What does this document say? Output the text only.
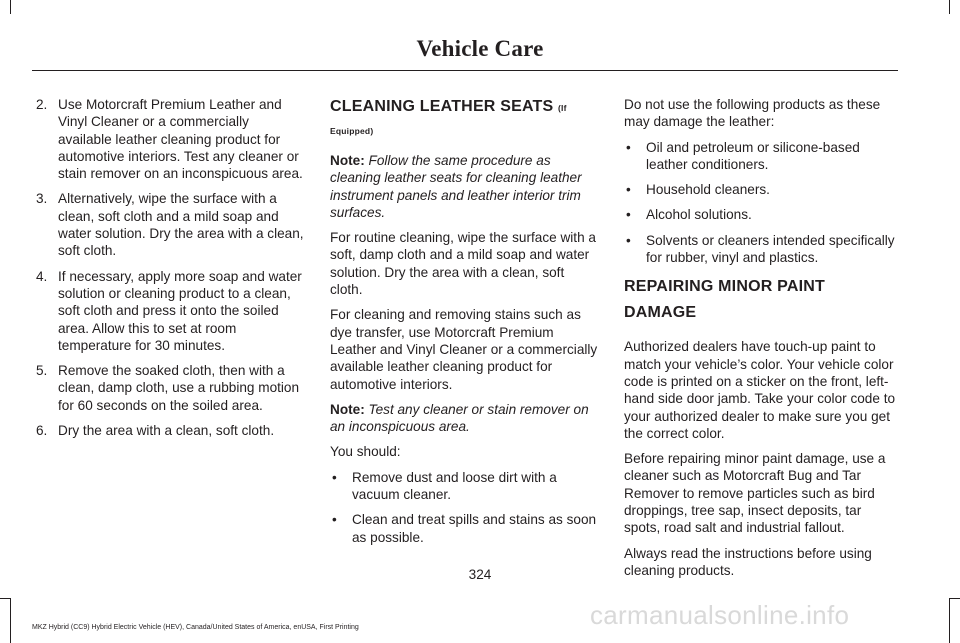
Vehicle Care
2. Use Motorcraft Premium Leather and Vinyl Cleaner or a commercially available leather cleaning product for automotive interiors. Test any cleaner or stain remover on an inconspicuous area.
3. Alternatively, wipe the surface with a clean, soft cloth and a mild soap and water solution. Dry the area with a clean, soft cloth.
4. If necessary, apply more soap and water solution or cleaning product to a clean, soft cloth and press it onto the soiled area. Allow this to set at room temperature for 30 minutes.
5. Remove the soaked cloth, then with a clean, damp cloth, use a rubbing motion for 60 seconds on the soiled area.
6. Dry the area with a clean, soft cloth.
CLEANING LEATHER SEATS (If Equipped)

Note: Follow the same procedure as cleaning leather seats for cleaning leather instrument panels and leather interior trim surfaces.

For routine cleaning, wipe the surface with a soft, damp cloth and a mild soap and water solution. Dry the area with a clean, soft cloth.

For cleaning and removing stains such as dye transfer, use Motorcraft Premium Leather and Vinyl Cleaner or a commercially available leather cleaning product for automotive interiors.

Note: Test any cleaner or stain remover on an inconspicuous area.

You should:

• Remove dust and loose dirt with a vacuum cleaner.
• Clean and treat spills and stains as soon as possible.

Do not use the following products as these may damage the leather:

• Oil and petroleum or silicone-based leather conditioners.
• Household cleaners.
• Alcohol solutions.
• Solvents or cleaners intended specifically for rubber, vinyl and plastics.
REPAIRING MINOR PAINT
DAMAGE

Authorized dealers have touch-up paint to match your vehicle’s color. Your vehicle color code is printed on a sticker on the front, left-hand side door jamb. Take your color code to your authorized dealer to make sure you get the correct color.

Before repairing minor paint damage, use a cleaner such as Motorcraft Bug and Tar Remover to remove particles such as bird droppings, tree sap, insect deposits, tar spots, road salt and industrial fallout.

Always read the instructions before using cleaning products.

324
carmanualsonline.info
MKZ Hybrid (CC9) Hybrid Electric Vehicle (HEV), Canada/United States of America, enUSA, First Printing
